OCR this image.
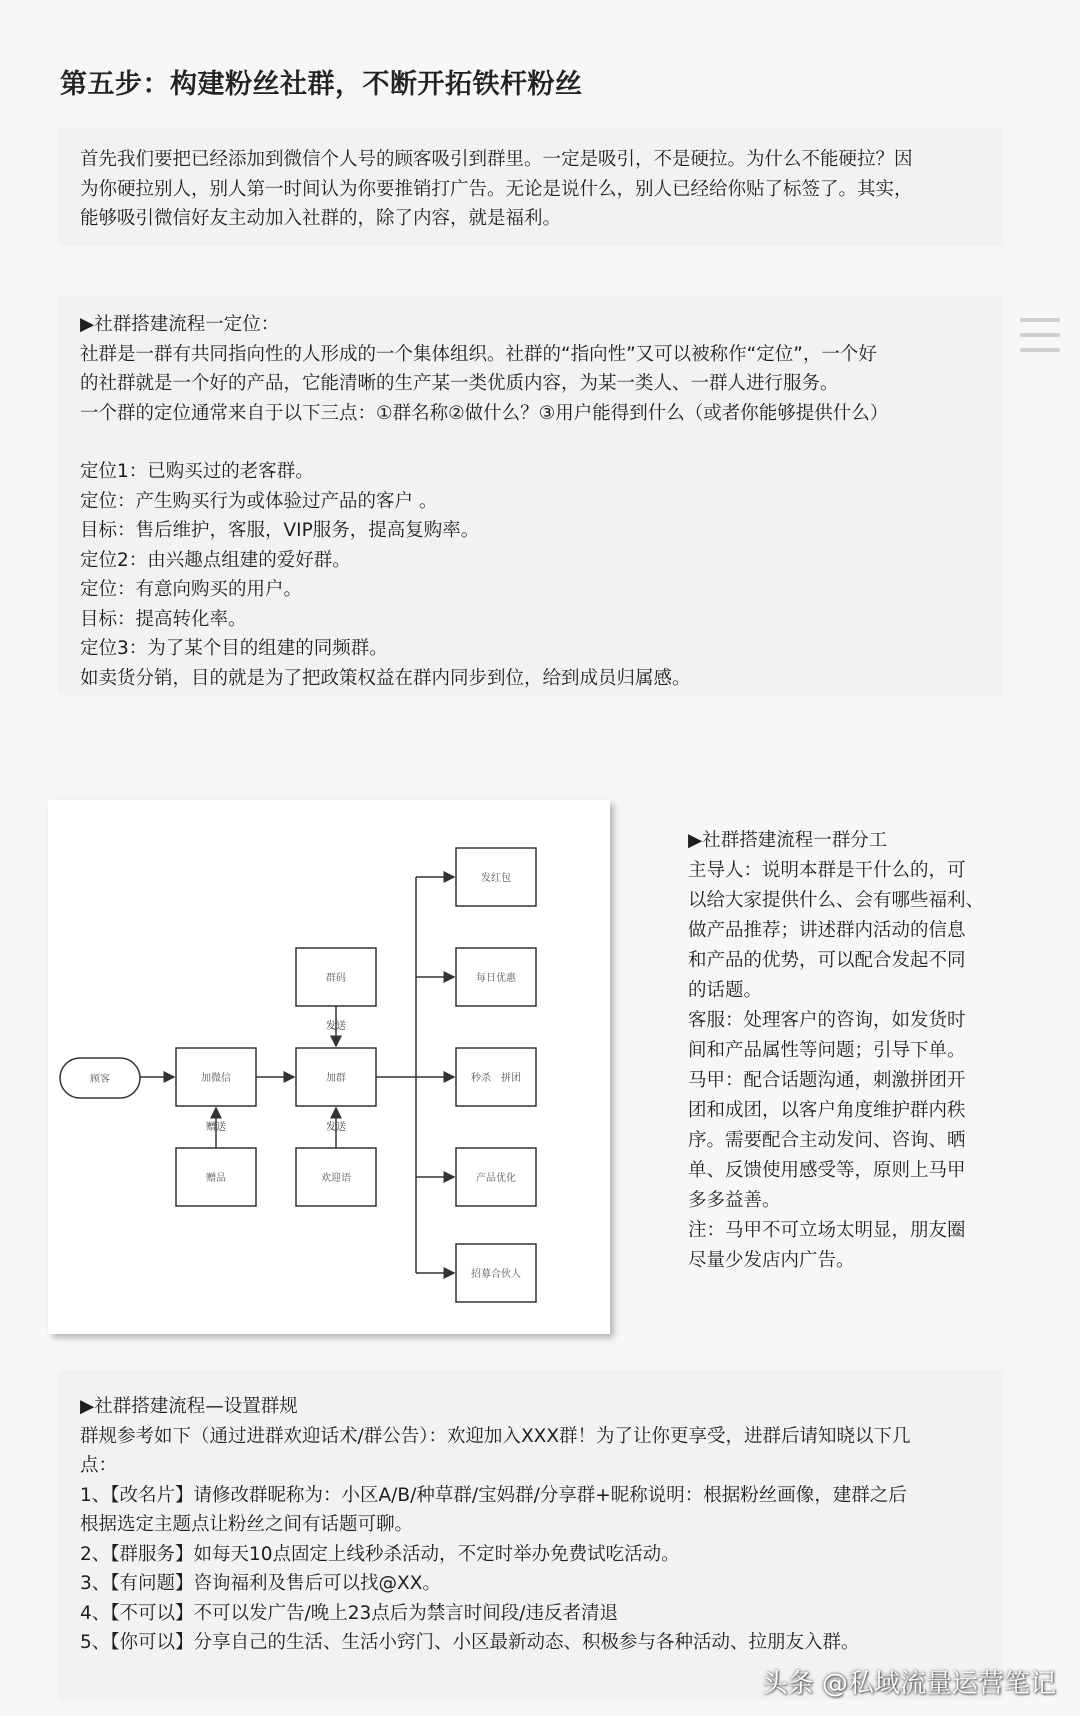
第五步：构建粉丝社群，不断开拓铁杆粉丝
首先我们要把已经添加到微信个人号的顾客吸引到群里。一定是吸引，不是硬拉。为什么不能硬拉？因
为你硬拉别人，别人第一时间认为你要推销打广告。无论是说什么，别人已经给你贴了标签了。其实，
能够吸引微信好友主动加入社群的，除了内容，就是福利。
▶社群搭建流程一定位：
社群是一群有共同指向性的人形成的一个集体组织。社群的“指向性”又可以被称作“定位”，一个好
的社群就是一个好的产品，它能清晰的生产某一类优质内容，为某一类人、一群人进行服务。
一个群的定位通常来自于以下三点：①群名称②做什么？③用户能得到什么（或者你能够提供什么）
定位1：已购买过的老客群。
定位：产生购买行为或体验过产品的客户 。
目标：售后维护，客服，VIP服务，提高复购率。
定位2：由兴趣点组建的爱好群。
定位：有意向购买的用户。
目标：提高转化率。
定位3：为了某个目的组建的同频群。
如卖货分销，目的就是为了把政策权益在群内同步到位，给到成员归属感。
顾客	加微信
赠品
群码
加群
欢迎语
发红包
每日优惠
秒杀　拼团
产品优化
招募合伙人
赠送
发送
发送
▶社群搭建流程一群分工
主导人：说明本群是干什么的，可
以给大家提供什么、会有哪些福利、
做产品推荐；讲述群内活动的信息
和产品的优势，可以配合发起不同
的话题。
客服：处理客户的咨询，如发货时
间和产品属性等问题；引导下单。
马甲：配合话题沟通，刺激拼团开
团和成团，以客户角度维护群内秩
序。需要配合主动发问、咨询、晒
单、反馈使用感受等，原则上马甲
多多益善。
注：马甲不可立场太明显，朋友圈
尽量少发店内广告。
▶社群搭建流程—设置群规
群规参考如下（通过进群欢迎话术/群公告）：欢迎加入XXX群！为了让你更享受，进群后请知晓以下几
点：
1、【改名片】请修改群昵称为：小区A/B/种草群/宝妈群/分享群+昵称说明：根据粉丝画像，建群之后
根据选定主题点让粉丝之间有话题可聊。
2、【群服务】如每天10点固定上线秒杀活动，不定时举办免费试吃活动。
3、【有问题】咨询福利及售后可以找@XX。
4、【不可以】不可以发广告/晚上23点后为禁言时间段/违反者清退
5、【你可以】分享自己的生活、生活小窍门、小区最新动态、积极参与各种活动、拉朋友入群。
头条 @私域流量运营笔记
